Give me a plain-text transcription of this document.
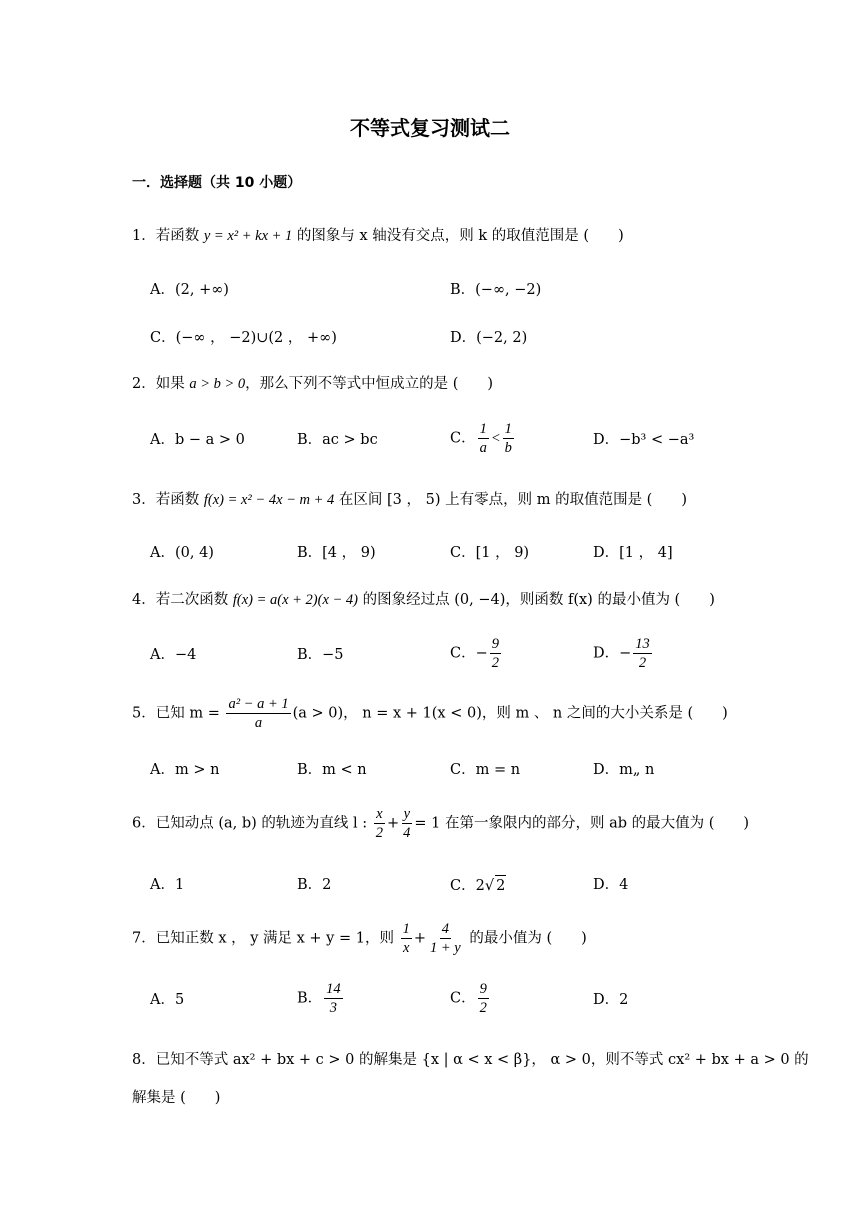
不等式复习测试二
一．选择题（共 10 小题）
1．若函数 y = x² + kx + 1 的图象与 x 轴没有交点，则 k 的取值范围是 (　　)
A．(2, +∞)	B．(−∞, −2)
C．(−∞ ， −2)∪(2 ， +∞)	D．(−2, 2)
2．如果 a > b > 0，那么下列不等式中恒成立的是 (　　)
A．b − a > 0	B．ac > bc	C． $\frac{1}{a} < \frac{1}{b}$	D．−b³ < −a³
3．若函数 f(x) = x² − 4x − m + 4 在区间 [3 ， 5) 上有零点，则 m 的取值范围是 (　　)
A．(0, 4)	B．[4 ， 9)	C．[1 ， 9)	D．[1 ， 4]
4．若二次函数 f(x) = a(x + 2)(x − 4) 的图象经过点 (0, −4)，则函数 f(x) 的最小值为 (　　)
A．−4	B．−5	C．− $\frac{9}{2}$	D．− $\frac{13}{2}$
5．已知 $m = \frac{\text{a² − a + 1}}{a} (a > 0)$， n = x + 1(x < 0)，则 m 、 n 之间的大小关系是 (　　)
A．m > n	B．m < n	C．m = n	D．m„ n
6．已知动点 (a, b) 的轨迹为直线 l : $\frac{x}{2} + \frac{y}{4} = 1$ 在第一象限内的部分，则 ab 的最大值为 (　　)
A．1	B．2	C．2√ 2	D．4
7．已知正数 x ， y 满足 x + y = 1，则 $\frac{1}{x} + \frac{4}{1 + y}$ 的最小值为 (　　)
A．5	B． $\frac{14}{3}$	C． $\frac{9}{2}$	D．2
8．已知不等式 ax² + bx + c > 0 的解集是 {x | α < x < β}， α > 0，则不等式 cx² + bx + a > 0 的
解集是 (　　)
